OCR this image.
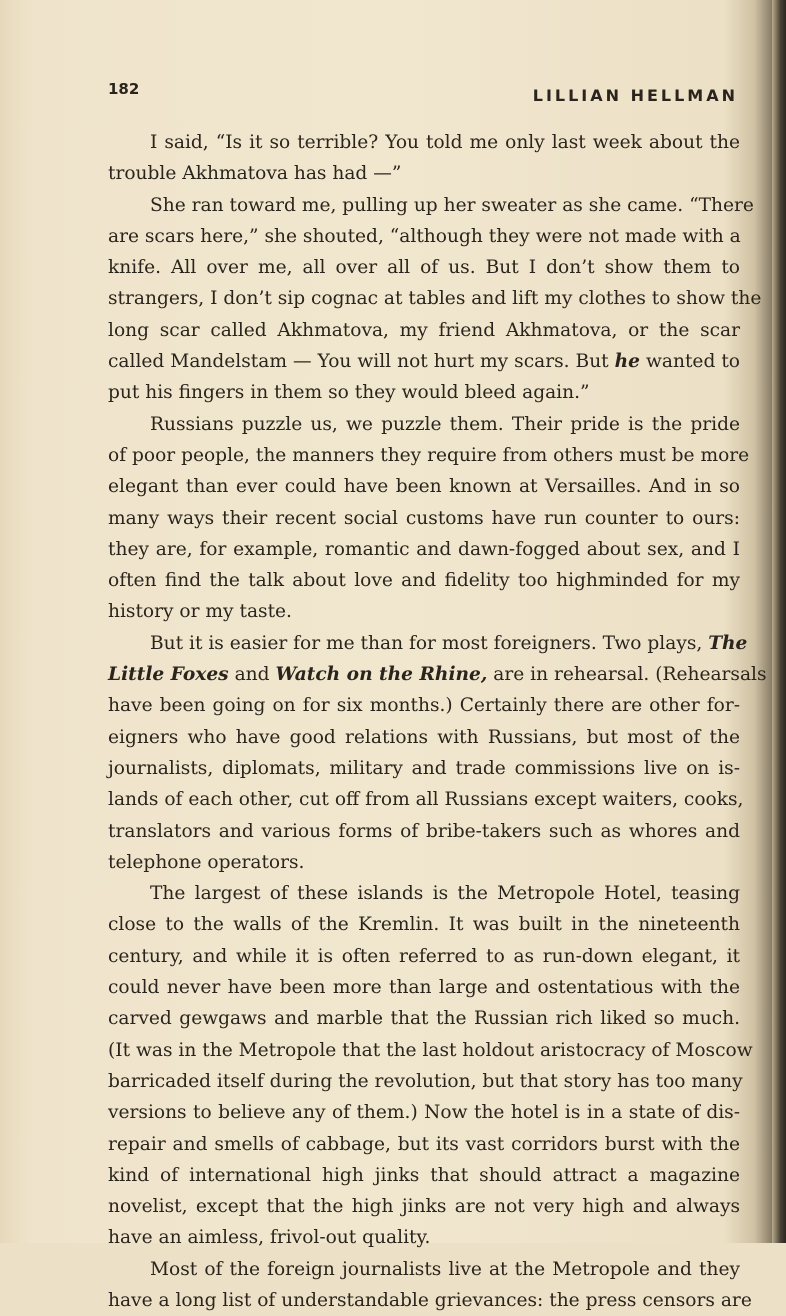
182	LILLIAN HELLMAN
I said, “Is it so terrible? You told me only last week about the
trouble Akhmatova has had —”
She ran toward me, pulling up her sweater as she came. “There
are scars here,” she shouted, “although they were not made with a
knife. All over me, all over all of us. But I don’t show them to
strangers, I don’t sip cognac at tables and lift my clothes to show the
long scar called Akhmatova, my friend Akhmatova, or the scar
called Mandelstam — You will not hurt my scars. But he wanted to
put his fingers in them so they would bleed again.”
Russians puzzle us, we puzzle them. Their pride is the pride
of poor people, the manners they require from others must be more
elegant than ever could have been known at Versailles. And in so
many ways their recent social customs have run counter to ours:
they are, for example, romantic and dawn-fogged about sex, and I
often find the talk about love and fidelity too highminded for my
history or my taste.
But it is easier for me than for most foreigners. Two plays, The
Little Foxes and Watch on the Rhine, are in rehearsal. (Rehearsals
have been going on for six months.) Certainly there are other for-
eigners who have good relations with Russians, but most of the
journalists, diplomats, military and trade commissions live on is-
lands of each other, cut off from all Russians except waiters, cooks,
translators and various forms of bribe-takers such as whores and
telephone operators.
The largest of these islands is the Metropole Hotel, teasing
close to the walls of the Kremlin. It was built in the nineteenth
century, and while it is often referred to as run-down elegant, it
could never have been more than large and ostentatious with the
carved gewgaws and marble that the Russian rich liked so much.
(It was in the Metropole that the last holdout aristocracy of Moscow
barricaded itself during the revolution, but that story has too many
versions to believe any of them.) Now the hotel is in a state of dis-
repair and smells of cabbage, but its vast corridors burst with the
kind of international high jinks that should attract a magazine
novelist, except that the high jinks are not very high and always
have an aimless, frivol-out quality.
Most of the foreign journalists live at the Metropole and they
have a long list of understandable grievances: the press censors are
